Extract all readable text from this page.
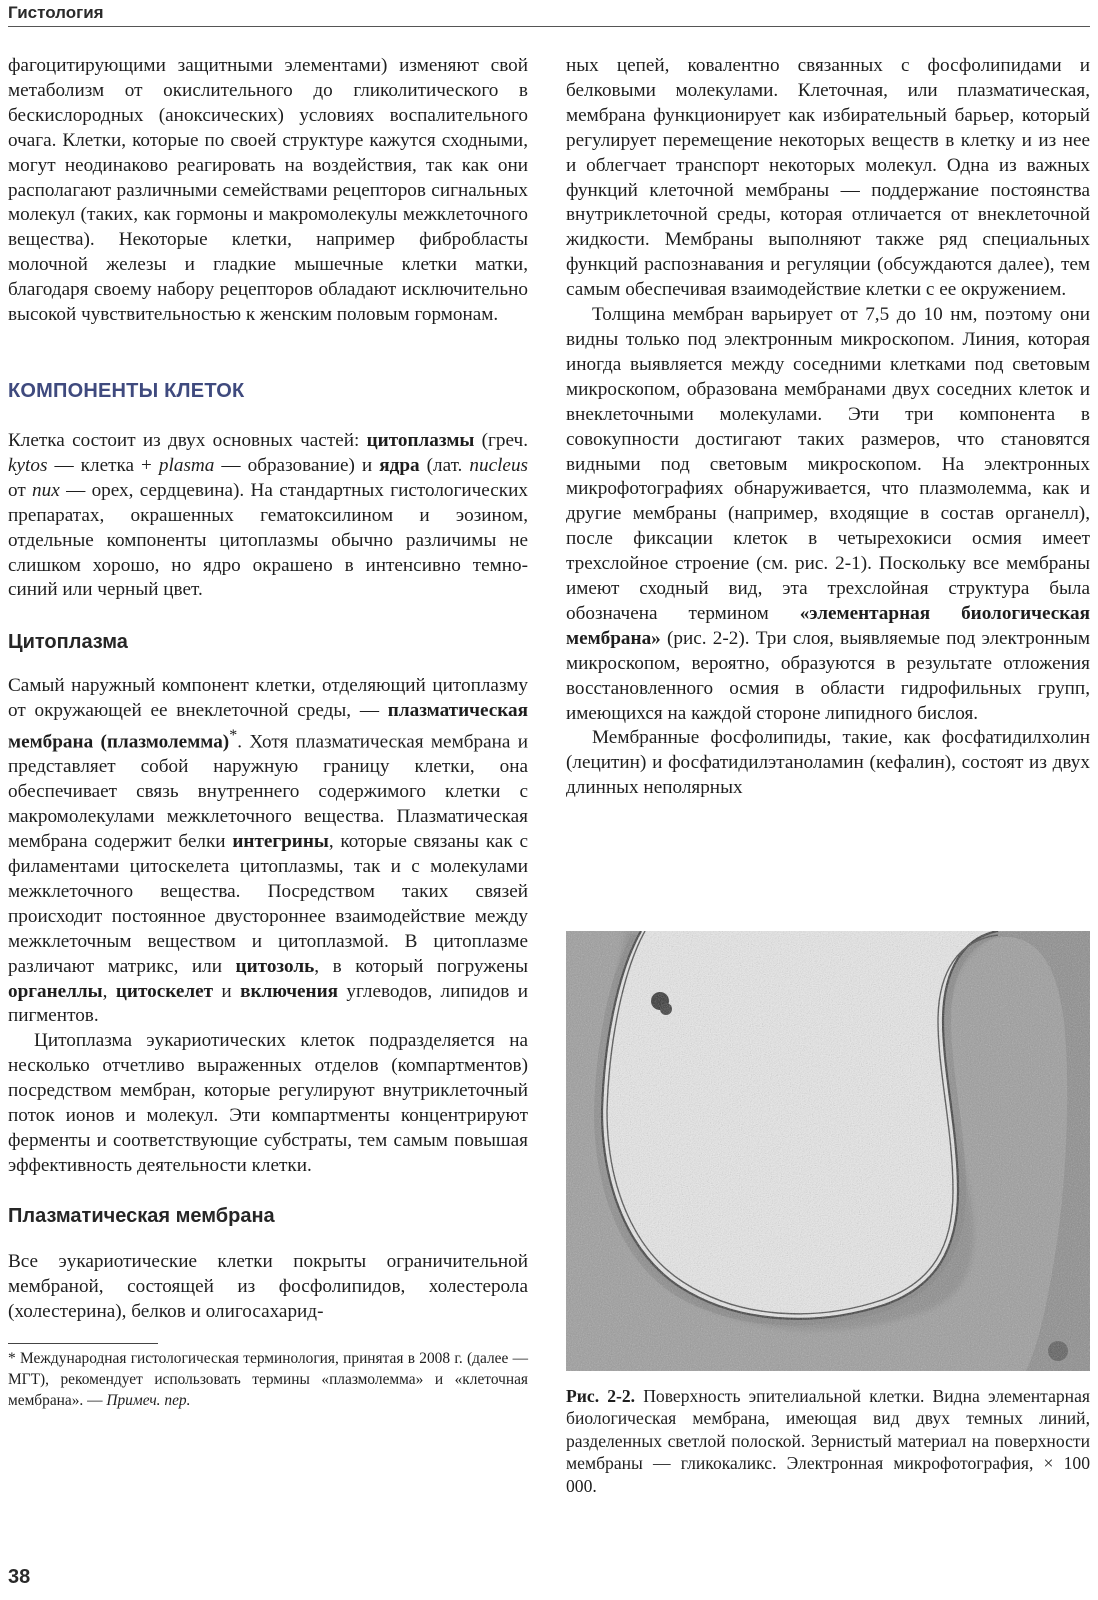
Гистология

фагоцитирующими защитными элементами) изменяют свой метаболизм от окислительного до гликолитического в бескислородных (аноксических) условиях воспалительного очага. Клетки, которые по своей структуре кажутся сходными, могут неодинаково реагировать на воздействия, так как они располагают различными семействами рецепторов сигнальных молекул (таких, как гормоны и макромолекулы межклеточного вещества). Некоторые клетки, например фибробласты молочной железы и гладкие мышечные клетки матки, благодаря своему набору рецепторов обладают исключительно высокой чувствительностью к женским половым гормонам.

КОМПОНЕНТЫ КЛЕТОК

Клетка состоит из двух основных частей: цитоплазмы (греч. kytos — клетка + plasma — образование) и ядра (лат. nucleus от nux — орех, сердцевина). На стандартных гистологических препаратах, окрашенных гематоксилином и эозином, отдельные компоненты цитоплазмы обычно различимы не слишком хорошо, но ядро окрашено в интенсивно темно-синий или черный цвет.

Цитоплазма

Самый наружный компонент клетки, отделяющий цитоплазму от окружающей ее внеклеточной среды, — плазматическая мембрана (плазмолемма)*. Хотя плазматическая мембрана и представляет собой наружную границу клетки, она обеспечивает связь внутреннего содержимого клетки с макромолекулами межклеточного вещества. Плазматическая мембрана содержит белки интегрины, которые связаны как с филаментами цитоскелета цитоплазмы, так и с молекулами межклеточного вещества. Посредством таких связей происходит постоянное двустороннее взаимодействие между межклеточным веществом и цитоплазмой. В цитоплазме различают матрикс, или цитозоль, в который погружены органеллы, цитоскелет и включения углеводов, липидов и пигментов.

Цитоплазма эукариотических клеток подразделяется на несколько отчетливо выраженных отделов (компартментов) посредством мембран, которые регулируют внутриклеточный поток ионов и молекул. Эти компартменты концентрируют ферменты и соответствующие субстраты, тем самым повышая эффективность деятельности клетки.

Плазматическая мембрана

Все эукариотические клетки покрыты ограничительной мембраной, состоящей из фосфолипидов, холестерола (холестерина), белков и олигосахарид-

* Международная гистологическая терминология, принятая в 2008 г. (далее — МГТ), рекомендует использовать термины «плазмолемма» и «клеточная мембрана». — Примеч. пер.

ных цепей, ковалентно связанных с фосфолипидами и белковыми молекулами. Клеточная, или плазматическая, мембрана функционирует как избирательный барьер, который регулирует перемещение некоторых веществ в клетку и из нее и облегчает транспорт некоторых молекул. Одна из важных функций клеточной мембраны — поддержание постоянства внутриклеточной среды, которая отличается от внеклеточной жидкости. Мембраны выполняют также ряд специальных функций распознавания и регуляции (обсуждаются далее), тем самым обеспечивая взаимодействие клетки с ее окружением.

Толщина мембран варьирует от 7,5 до 10 нм, поэтому они видны только под электронным микроскопом. Линия, которая иногда выявляется между соседними клетками под световым микроскопом, образована мембранами двух соседних клеток и внеклеточными молекулами. Эти три компонента в совокупности достигают таких размеров, что становятся видными под световым микроскопом. На электронных микрофотографиях обнаруживается, что плазмолемма, как и другие мембраны (например, входящие в состав органелл), после фиксации клеток в четырехокиси осмия имеет трехслойное строение (см. рис. 2-1). Поскольку все мембраны имеют сходный вид, эта трехслойная структура была обозначена термином «элементарная биологическая мембрана» (рис. 2-2). Три слоя, выявляемые под электронным микроскопом, вероятно, образуются в результате отложения восстановленного осмия в области гидрофильных групп, имеющихся на каждой стороне липидного бислоя.

Мембранные фосфолипиды, такие, как фосфатидилхолин (лецитин) и фосфатидилэтаноламин (кефалин), состоят из двух длинных неполярных

Рис. 2-2. Поверхность эпителиальной клетки. Видна элементарная биологическая мембрана, имеющая вид двух темных линий, разделенных светлой полоской. Зернистый материал на поверхности мембраны — гликокаликс. Электронная микрофотография, × 100 000.
38
